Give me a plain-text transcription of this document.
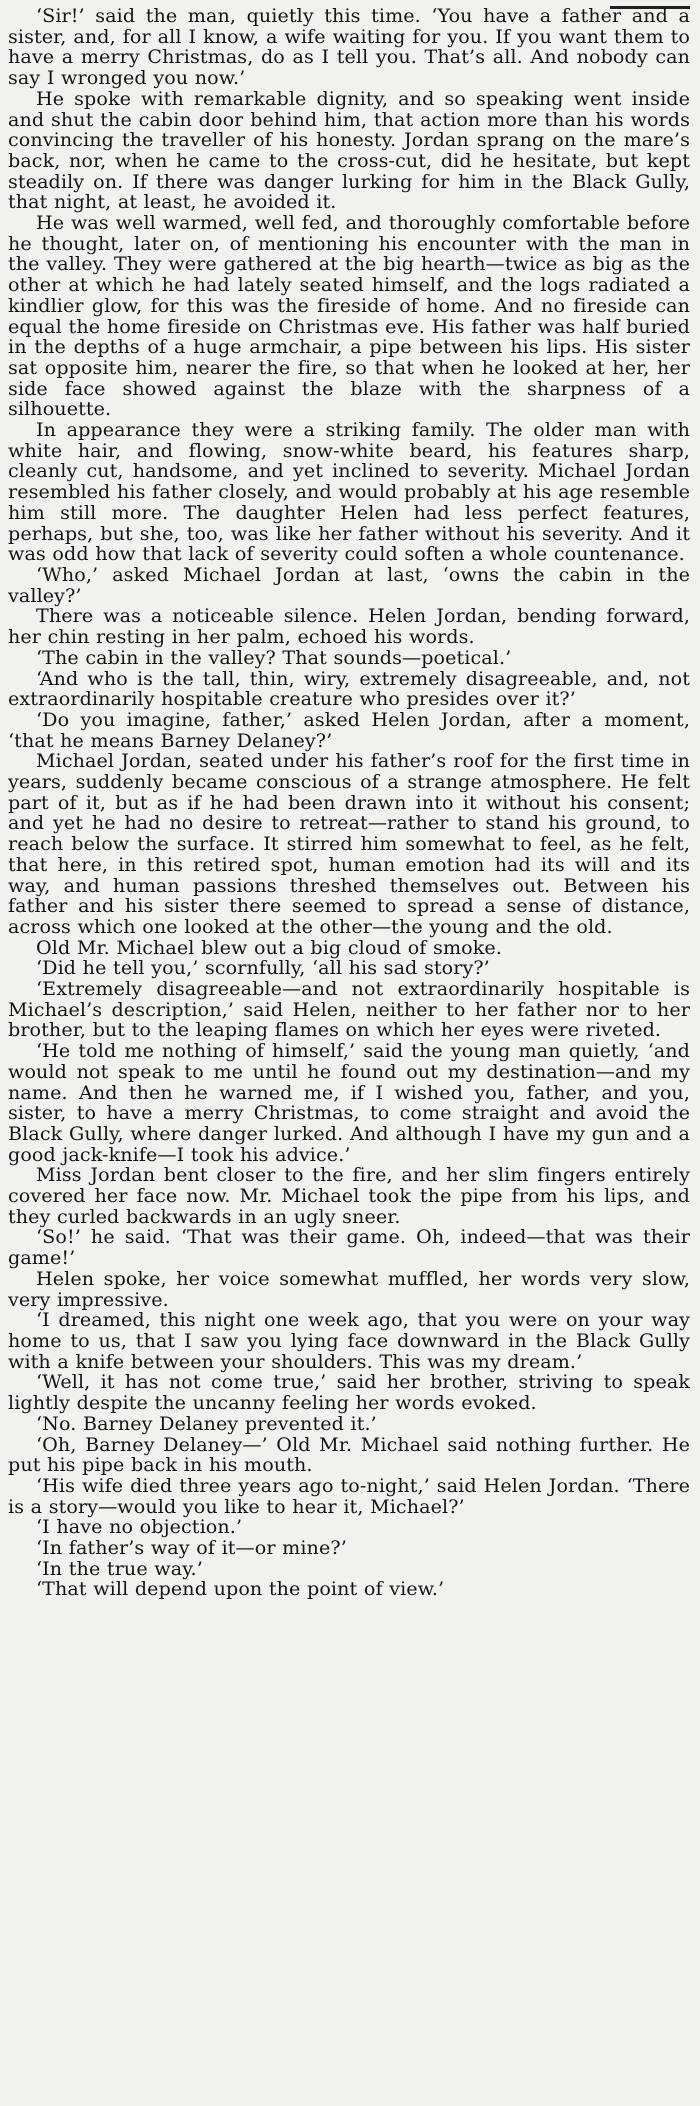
‘Sir!’ said the man, quietly this time. ‘You have a father and a sister, and, for all I know, a wife waiting for you. If you want them to have a merry Christmas, do as I tell you. That’s all. And nobody can say I wronged you now.’

He spoke with remarkable dignity, and so speaking went inside and shut the cabin door behind him, that action more than his words convincing the traveller of his honesty. Jordan sprang on the mare’s back, nor, when he came to the cross-cut, did he hesitate, but kept steadily on. If there was danger lurking for him in the Black Gully, that night, at least, he avoided it.

He was well warmed, well fed, and thoroughly comfortable before he thought, later on, of mentioning his encounter with the man in the valley. They were gathered at the big hearth—twice as big as the other at which he had lately seated himself, and the logs radiated a kindlier glow, for this was the fireside of home. And no fireside can equal the home fireside on Christmas eve. His father was half buried in the depths of a huge armchair, a pipe between his lips. His sister sat opposite him, nearer the fire, so that when he looked at her, her side face showed against the blaze with the sharpness of a silhouette.

In appearance they were a striking family. The older man with white hair, and flowing, snow-white beard, his features sharp, cleanly cut, handsome, and yet inclined to severity. Michael Jordan resembled his father closely, and would probably at his age resemble him still more. The daughter Helen had less perfect features, perhaps, but she, too, was like her father without his severity. And it was odd how that lack of severity could soften a whole countenance.

‘Who,’ asked Michael Jordan at last, ‘owns the cabin in the valley?’

There was a noticeable silence. Helen Jordan, bending forward, her chin resting in her palm, echoed his words.

‘The cabin in the valley? That sounds—poetical.’

‘And who is the tall, thin, wiry, extremely disagreeable, and, not extraordinarily hospitable creature who presides over it?’

‘Do you imagine, father,’ asked Helen Jordan, after a moment, ‘that he means Barney Delaney?’

Michael Jordan, seated under his father’s roof for the first time in years, suddenly became conscious of a strange atmosphere. He felt part of it, but as if he had been drawn into it without his consent; and yet he had no desire to retreat—rather to stand his ground, to reach below the surface. It stirred him somewhat to feel, as he felt, that here, in this retired spot, human emotion had its will and its way, and human passions threshed themselves out. Between his father and his sister there seemed to spread a sense of distance, across which one looked at the other—the young and the old.

Old Mr. Michael blew out a big cloud of smoke.

‘Did he tell you,’ scornfully, ‘all his sad story?’

‘Extremely disagreeable—and not extraordinarily hospitable is Michael’s description,’ said Helen, neither to her father nor to her brother, but to the leaping flames on which her eyes were riveted.

‘He told me nothing of himself,’ said the young man quietly, ‘and would not speak to me until he found out my destination—and my name. And then he warned me, if I wished you, father, and you, sister, to have a merry Christmas, to come straight and avoid the Black Gully, where danger lurked. And although I have my gun and a good jack-knife—I took his advice.’

Miss Jordan bent closer to the fire, and her slim fingers entirely covered her face now. Mr. Michael took the pipe from his lips, and they curled backwards in an ugly sneer.

‘So!’ he said. ‘That was their game. Oh, indeed—that was their game!’

Helen spoke, her voice somewhat muffled, her words very slow, very impressive.

‘I dreamed, this night one week ago, that you were on your way home to us, that I saw you lying face downward in the Black Gully with a knife between your shoulders. This was my dream.’

‘Well, it has not come true,’ said her brother, striving to speak lightly despite the uncanny feeling her words evoked.

‘No. Barney Delaney prevented it.’

‘Oh, Barney Delaney—’ Old Mr. Michael said nothing further. He put his pipe back in his mouth.

‘His wife died three years ago to-night,’ said Helen Jordan. ‘There is a story—would you like to hear it, Michael?’

‘I have no objection.’

‘In father’s way of it—or mine?’

‘In the true way.’

‘That will depend upon the point of view.’
